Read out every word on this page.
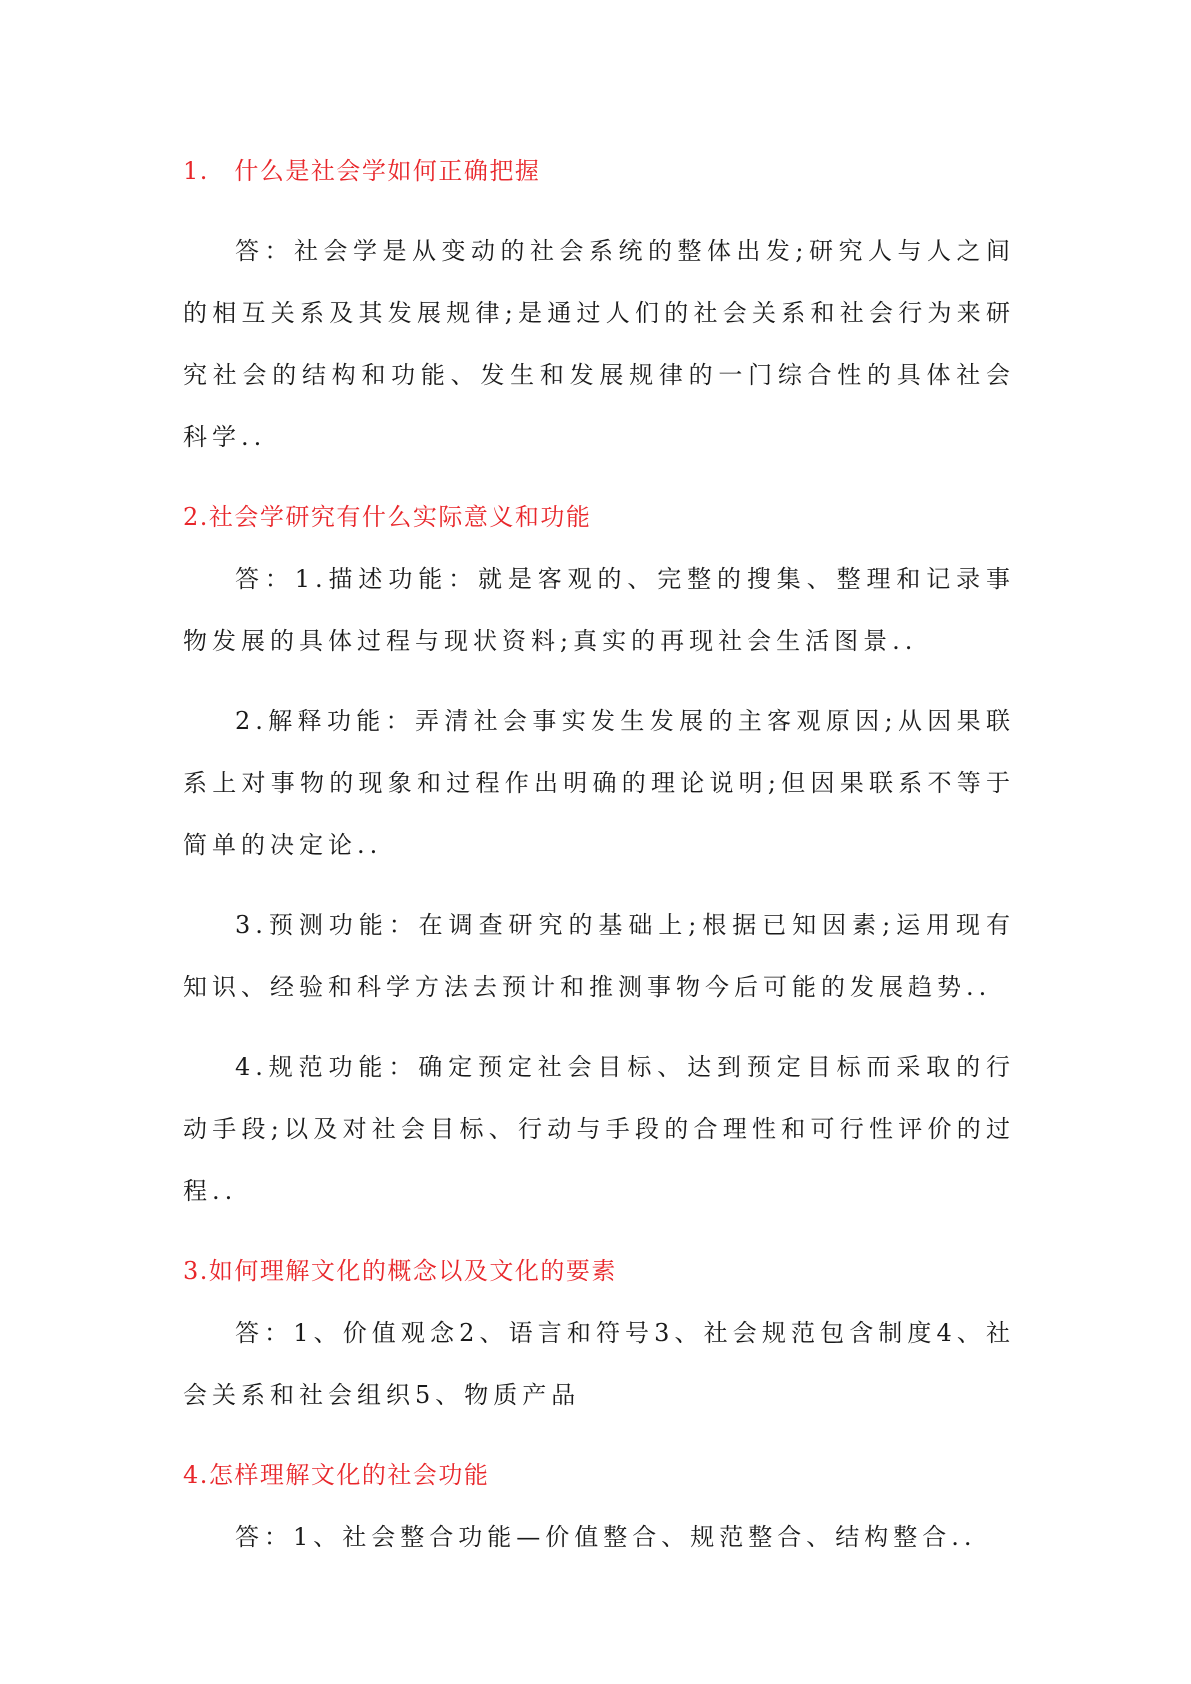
1.　什么是社会学如何正确把握

答：社会学是从变动的社会系统的整体出发;研究人与人之间的相互关系及其发展规律;是通过人们的社会关系和社会行为来研究社会的结构和功能、发生和发展规律的一门综合性的具体社会科学..

2.社会学研究有什么实际意义和功能

答：1.描述功能：就是客观的、完整的搜集、整理和记录事物发展的具体过程与现状资料;真实的再现社会生活图景..

2.解释功能：弄清社会事实发生发展的主客观原因;从因果联系上对事物的现象和过程作出明确的理论说明;但因果联系不等于简单的决定论..

3.预测功能：在调查研究的基础上;根据已知因素;运用现有知识、经验和科学方法去预计和推测事物今后可能的发展趋势..

4.规范功能：确定预定社会目标、达到预定目标而采取的行动手段;以及对社会目标、行动与手段的合理性和可行性评价的过程..

3.如何理解文化的概念以及文化的要素

答：1、价值观念2、语言和符号3、社会规范包含制度4、社会关系和社会组织5、物质产品

4.怎样理解文化的社会功能

答：1、社会整合功能—价值整合、规范整合、结构整合..
